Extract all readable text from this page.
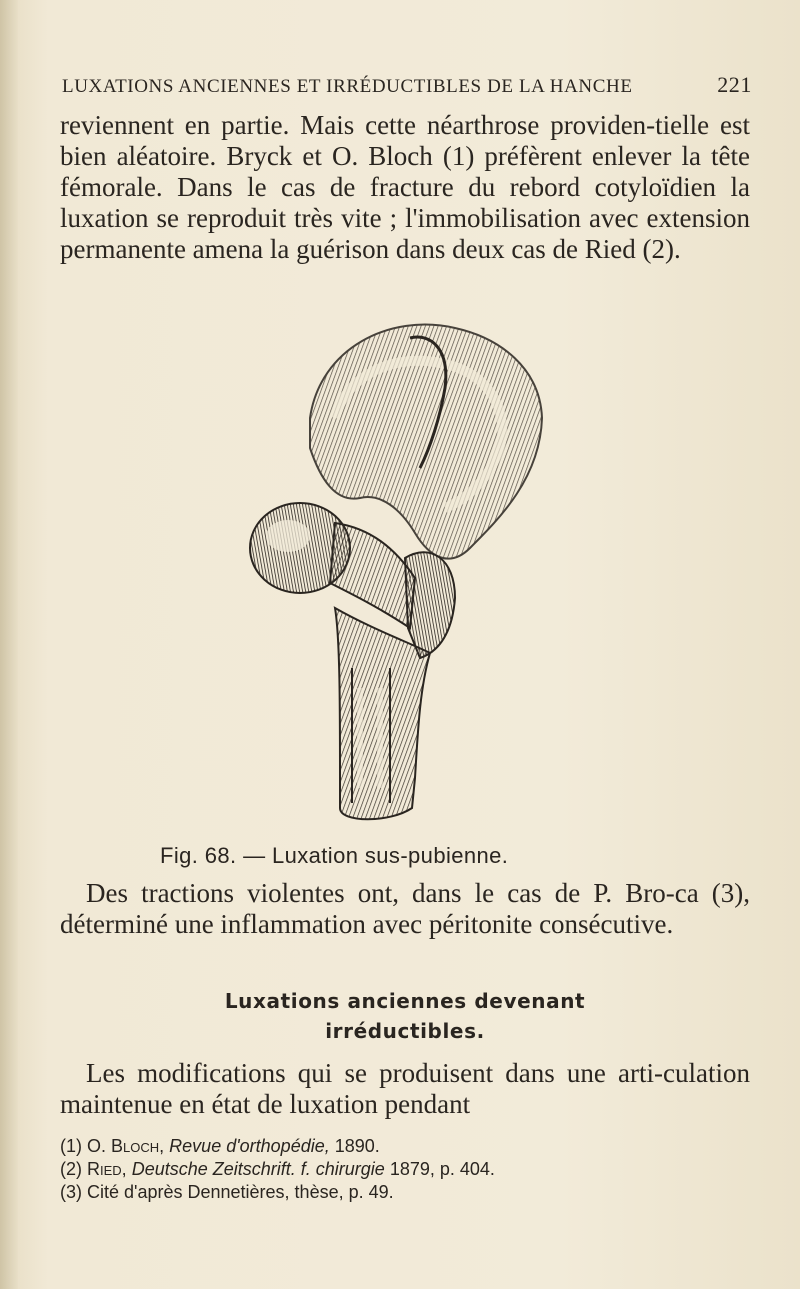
LUXATIONS ANCIENNES ET IRRÉDUCTIBLES DE LA HANCHE	221

reviennent en partie. Mais cette néarthrose providen-tielle est bien aléatoire. Bryck et O. Bloch (1) préfèrent enlever la tête fémorale. Dans le cas de fracture du rebord cotyloïdien la luxation se reproduit très vite ; l'immobilisation avec extension permanente amena la guérison dans deux cas de Ried (2).

Fig. 68. — Luxation sus-pubienne.

Des tractions violentes ont, dans le cas de P. Bro-ca (3), déterminé une inflammation avec péritonite consécutive.

Luxations anciennes devenant
irréductibles.

Les modifications qui se produisent dans une arti-culation maintenue en état de luxation pendant

(1) O. Bloch, Revue d'orthopédie, 1890.
(2) Ried, Deutsche Zeitschrift. f. chirurgie 1879, p. 404.
(3) Cité d'après Dennetières, thèse, p. 49.
